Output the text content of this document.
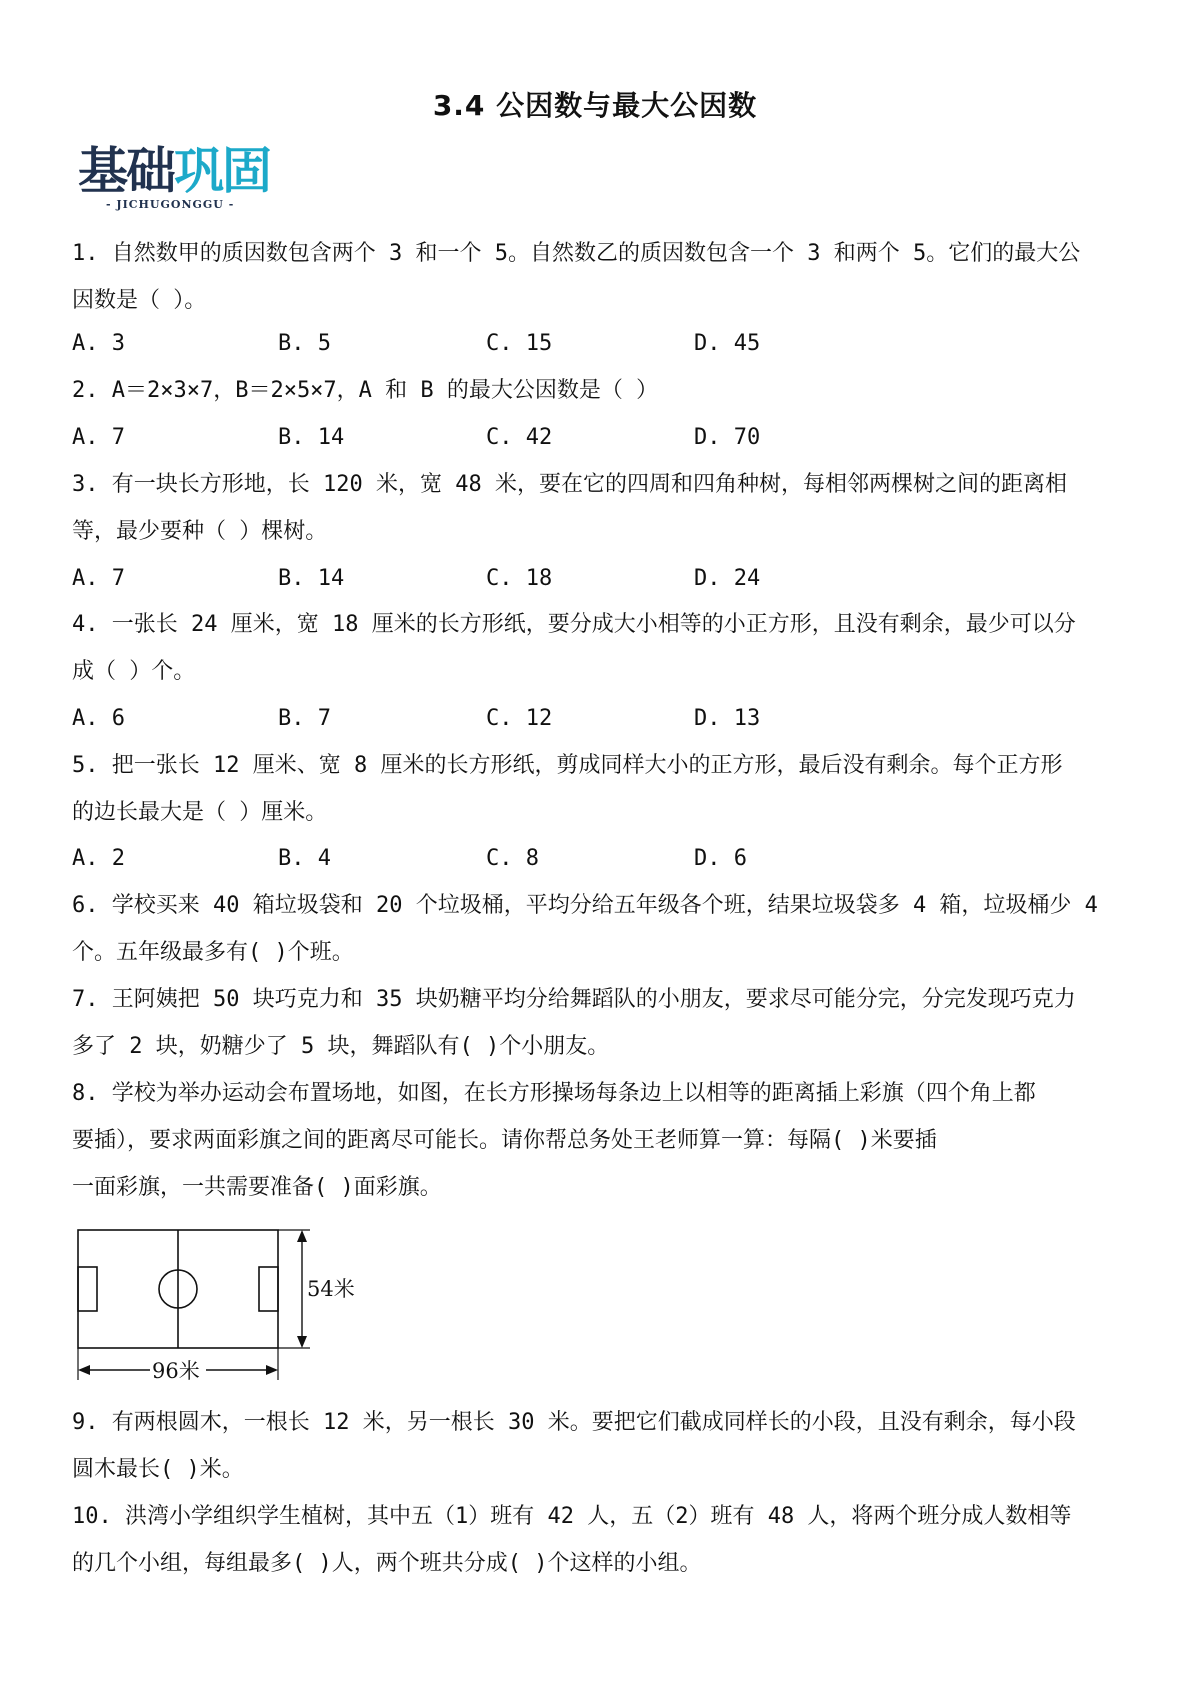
3.4 公因数与最大公因数
基础巩固
- JICHUGONGGU -
1. 自然数甲的质因数包含两个 3 和一个 5。自然数乙的质因数包含一个 3 和两个 5。它们的最大公
因数是（ ）。
A. 3	B. 5	C. 15	D. 45
2. A＝2×3×7，B＝2×5×7，A 和 B 的最大公因数是（ ）
A. 7	B. 14	C. 42	D. 70
3. 有一块长方形地，长 120 米，宽 48 米，要在它的四周和四角种树，每相邻两棵树之间的距离相
等，最少要种（ ）棵树。
A. 7	B. 14	C. 18	D. 24
4. 一张长 24 厘米，宽 18 厘米的长方形纸，要分成大小相等的小正方形，且没有剩余，最少可以分
成（ ）个。
A. 6	B. 7	C. 12	D. 13
5. 把一张长 12 厘米、宽 8 厘米的长方形纸，剪成同样大小的正方形，最后没有剩余。每个正方形
的边长最大是（ ）厘米。
A. 2	B. 4	C. 8	D. 6
6. 学校买来 40 箱垃圾袋和 20 个垃圾桶，平均分给五年级各个班，结果垃圾袋多 4 箱，垃圾桶少 4
个。五年级最多有( )个班。
7. 王阿姨把 50 块巧克力和 35 块奶糖平均分给舞蹈队的小朋友，要求尽可能分完，分完发现巧克力
多了 2 块，奶糖少了 5 块，舞蹈队有( )个小朋友。
8. 学校为举办运动会布置场地，如图，在长方形操场每条边上以相等的距离插上彩旗（四个角上都
要插），要求两面彩旗之间的距离尽可能长。请你帮总务处王老师算一算：每隔( )米要插
一面彩旗，一共需要准备( )面彩旗。
54米
96米
9. 有两根圆木，一根长 12 米，另一根长 30 米。要把它们截成同样长的小段，且没有剩余，每小段
圆木最长( )米。
10. 洪湾小学组织学生植树，其中五（1）班有 42 人，五（2）班有 48 人，将两个班分成人数相等
的几个小组，每组最多( )人，两个班共分成( )个这样的小组。
